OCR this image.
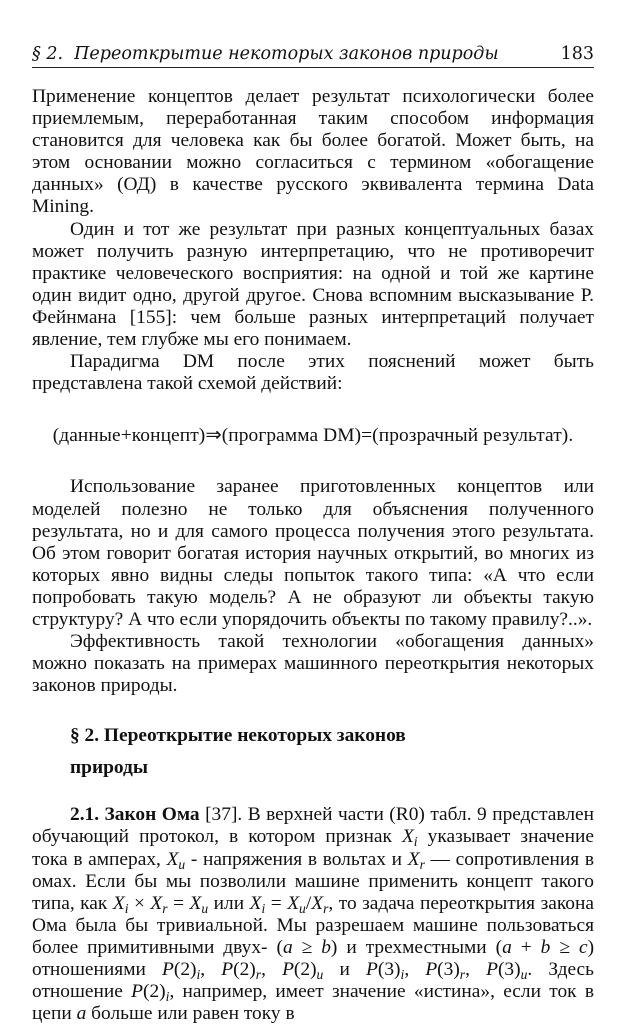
§ 2. Переоткрытие некоторых законов природы	183

Применение концептов делает результат психологически более приемлемым, переработанная таким способом информация становится для человека как бы более богатой. Может быть, на этом основании можно согласиться с термином «обогащение данных» (ОД) в качестве русского эквивалента термина Data Mining.

Один и тот же результат при разных концептуальных базах может получить разную интерпретацию, что не противоречит практике человеческого восприятия: на одной и той же картине один видит одно, другой другое. Снова вспомним высказывание Р. Фейнмана [155]: чем больше разных интерпретаций получает явление, тем глубже мы его понимаем.

Парадигма DM после этих пояснений может быть представлена такой схемой действий:

(данные+концепт)⇒(программа DM)=(прозрачный результат).

Использование заранее приготовленных концептов или моделей полезно не только для объяснения полученного результата, но и для самого процесса получения этого результата. Об этом говорит богатая история научных открытий, во многих из которых явно видны следы попыток такого типа: «А что если попробовать такую модель? А не образуют ли объекты такую структуру? А что если упорядочить объекты по такому правилу?..».

Эффективность такой технологии «обогащения данных» можно показать на примерах машинного переоткрытия некоторых законов природы.

§ 2. Переоткрытие некоторых законов
природы

2.1. Закон Ома [37]. В верхней части (R0) табл. 9 представлен обучающий протокол, в котором признак $X_i$ указывает значение тока в амперах, $X_u$ - напряжения в вольтах и $X_r$ — сопротивления в омах. Если бы мы позволили машине применить концепт такого типа, как $X_i \times X_r = X_u$ или $X_i = X_u/X_r$, то задача переоткрытия закона Ома была бы тривиальной. Мы разрешаем машине пользоваться более примитивными двух- (a ≥ b) и трехместными (a + b ≥ c) отношениями $P(2)_i$, $P(2)_r$, $P(2)_u$ и $P(3)_i$, $P(3)_r$, $P(3)_u$. Здесь отношение $P(2)_i$, например, имеет значение «истина», если ток в цепи a больше или равен току в
